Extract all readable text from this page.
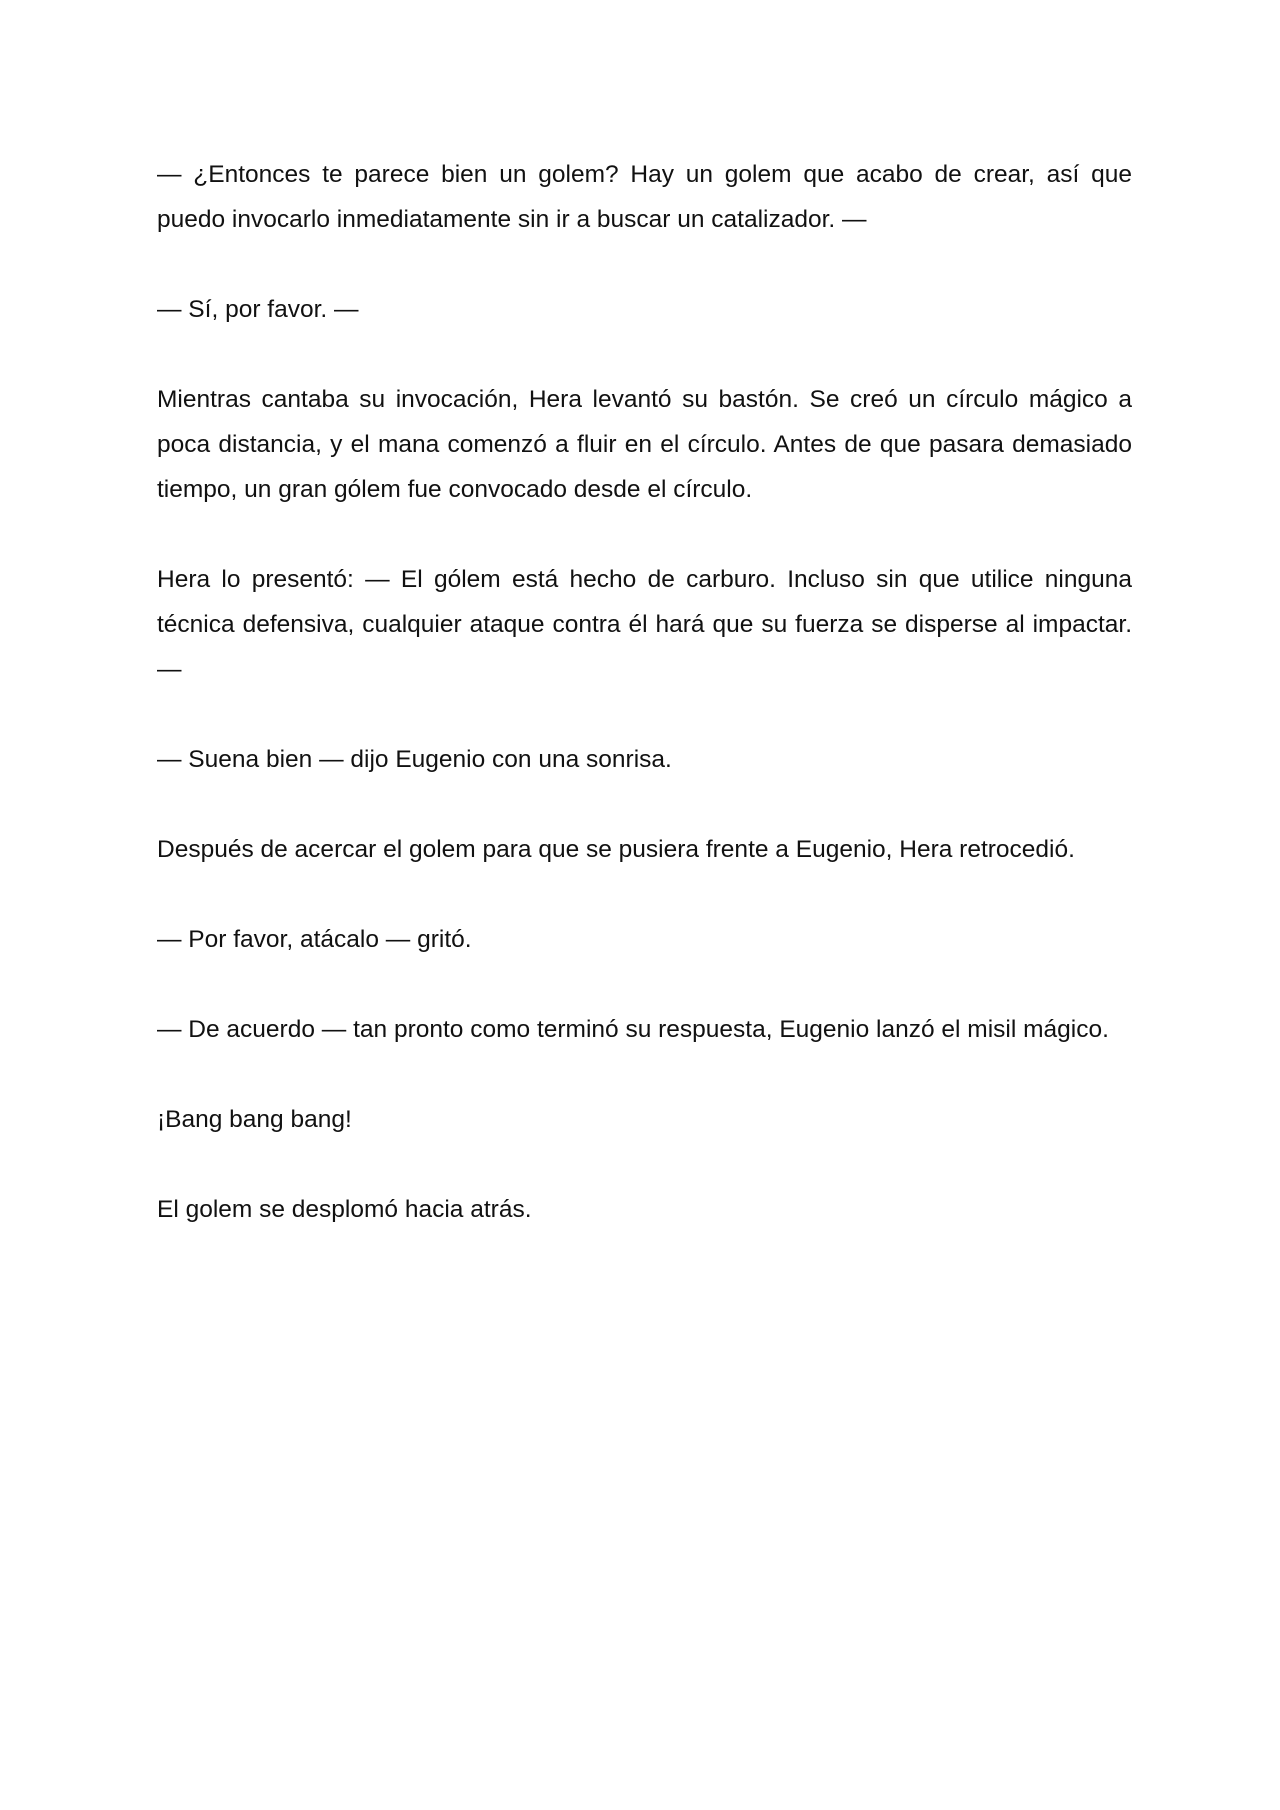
— ¿Entonces te parece bien un golem? Hay un golem que acabo de crear, así que puedo invocarlo inmediatamente sin ir a buscar un catalizador. —

— Sí, por favor. —

Mientras cantaba su invocación, Hera levantó su bastón. Se creó un círculo mágico a poca distancia, y el mana comenzó a fluir en el círculo. Antes de que pasara demasiado tiempo, un gran gólem fue convocado desde el círculo.

Hera lo presentó: — El gólem está hecho de carburo. Incluso sin que utilice ninguna técnica defensiva, cualquier ataque contra él hará que su fuerza se disperse al impactar. —

— Suena bien — dijo Eugenio con una sonrisa.

Después de acercar el golem para que se pusiera frente a Eugenio, Hera retrocedió.

— Por favor, atácalo — gritó.

— De acuerdo — tan pronto como terminó su respuesta, Eugenio lanzó el misil mágico.

¡Bang bang bang!

El golem se desplomó hacia atrás.
